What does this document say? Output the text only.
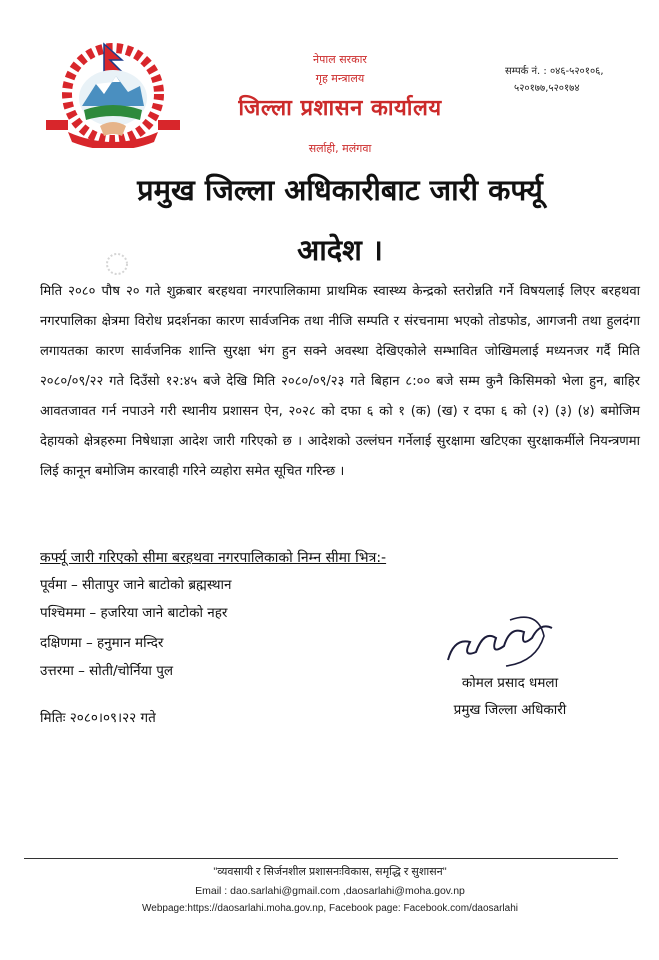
नेपाल सरकार
गृह मन्त्रालय
जिल्ला प्रशासन कार्यालय
सर्लाही, मलंगवा
सम्पर्क नं. : ०४६-५२०१०६,
५२०१७७,५२०१७४
प्रमुख जिल्ला अधिकारीबाट जारी कर्फ्यू
आदेश ।
मिति २०८० पौष २० गते शुक्रबार बरहथवा नगरपालिकामा प्राथमिक स्वास्थ्य केन्द्रको स्तरोन्नति गर्ने विषयलाई लिएर बरहथवा नगरपालिका क्षेत्रमा विरोध प्रदर्शनका कारण सार्वजनिक तथा नीजि सम्पति र संरचनामा भएको तोडफोड, आगजनी तथा हुलदंगा लगायतका कारण सार्वजनिक शान्ति सुरक्षा भंग हुन सक्ने अवस्था देखिएकोले सम्भावित जोखिमलाई मध्यनजर गर्दै मिति २०८०/०९/२२ गते दिउँसो १२:४५ बजे देखि मिति २०८०/०९/२३ गते बिहान ८:०० बजे सम्म कुनै किसिमको भेला हुन, बाहिर आवतजावत गर्न नपाउने गरी स्थानीय प्रशासन ऐन, २०२८ को दफा ६ को १ (क) (ख) र दफा ६ को (२) (३) (४) बमोजिम देहायको क्षेत्रहरुमा निषेधाज्ञा आदेश जारी गरिएको छ । आदेशको उल्लंघन गर्नेलाई सुरक्षामा खटिएका सुरक्षाकर्मीले नियन्त्रणमा लिई कानून बमोजिम कारवाही गरिने व्यहोरा समेत सूचित गरिन्छ ।
कर्फ्यू जारी गरिएको सीमा बरहथवा नगरपालिकाको निम्न सीमा भित्र:-
पूर्वमा – सीतापुर जाने बाटोको ब्रह्मस्थान
पश्चिममा – हजरिया जाने बाटोको नहर
दक्षिणमा – हनुमान मन्दिर
उत्तरमा – सोती/चोर्निया पुल
कोमल प्रसाद धमला
प्रमुख जिल्ला अधिकारी
मितिः २०८०।०९।२२ गते
"व्यवसायी र सिर्जनशील प्रशासनःविकास, समृद्धि र सुशासन"
Email : dao.sarlahi@gmail.com ,daosarlahi@moha.gov.np
Webpage:https://daosarlahi.moha.gov.np, Facebook page: Facebook.com/daosarlahi
